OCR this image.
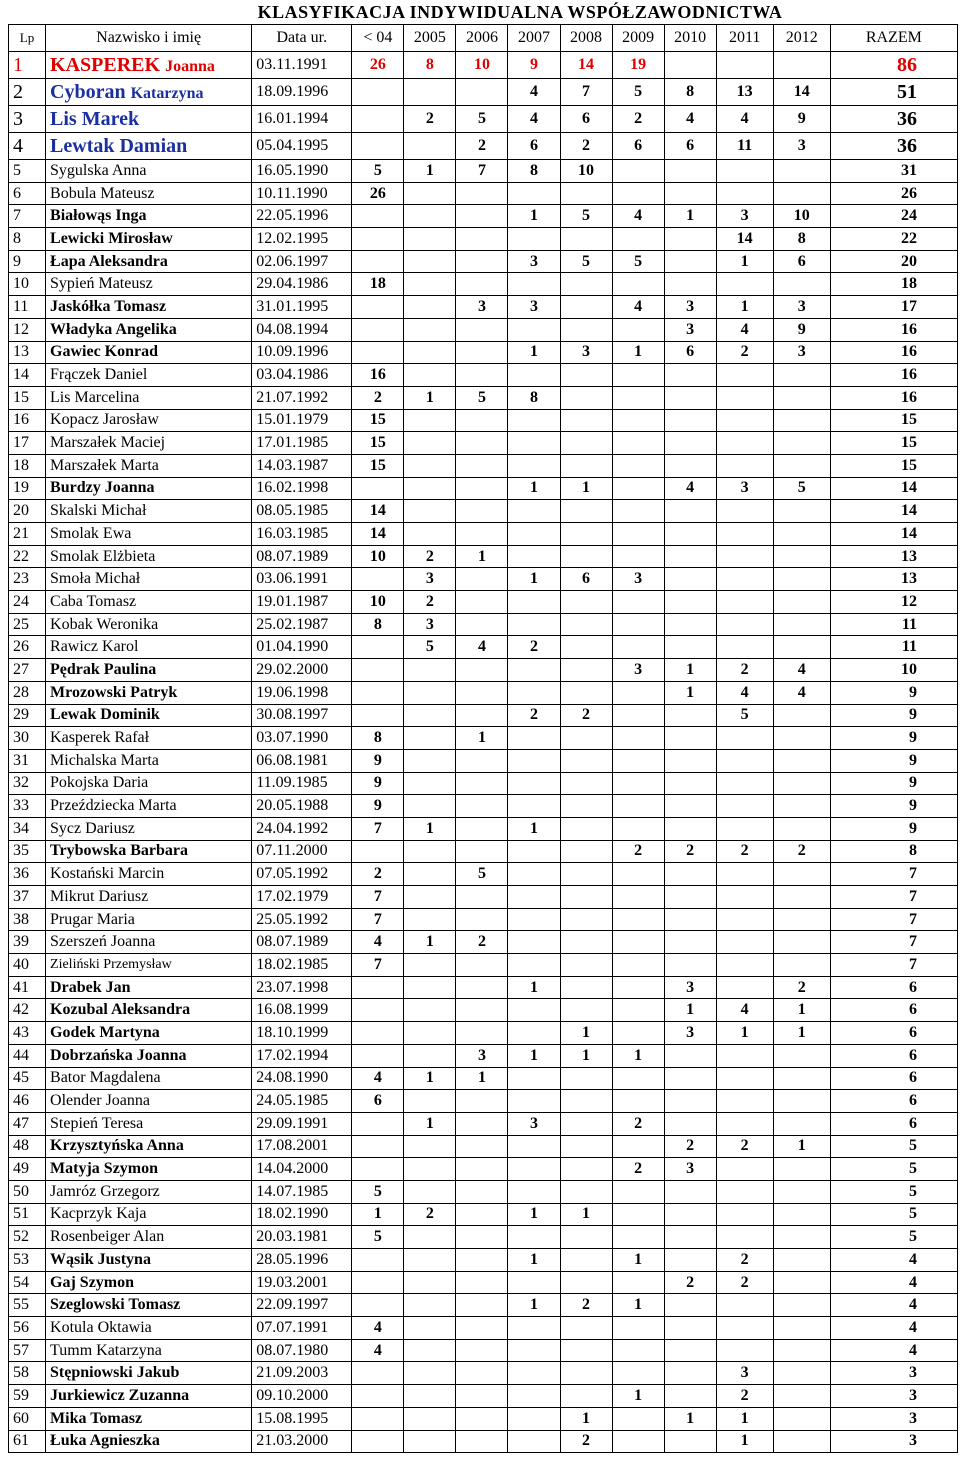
KLASYFIKACJA INDYWIDUALNA WSPÓŁZAWODNICTWA
Lp	Nazwisko i imię	Data ur.	< 04	2005	2006	2007	2008	2009	2010	2011	2012	RAZEM
1	KASPEREK Joanna	03.11.1991	26	8	10	9	14	19				86
2	Cyboran Katarzyna	18.09.1996				4	7	5	8	13	14	51
3	Lis Marek	16.01.1994		2	5	4	6	2	4	4	9	36
4	Lewtak Damian	05.04.1995			2	6	2	6	6	11	3	36
5	Sygulska Anna	16.05.1990	5	1	7	8	10					31
6	Bobula Mateusz	10.11.1990	26									26
7	Białowąs Inga	22.05.1996				1	5	4	1	3	10	24
8	Lewicki Mirosław	12.02.1995								14	8	22
9	Łapa Aleksandra	02.06.1997				3	5	5		1	6	20
10	Sypień Mateusz	29.04.1986	18									18
11	Jaskółka Tomasz	31.01.1995			3	3		4	3	1	3	17
12	Władyka Angelika	04.08.1994							3	4	9	16
13	Gawiec Konrad	10.09.1996				1	3	1	6	2	3	16
14	Frączek Daniel	03.04.1986	16									16
15	Lis Marcelina	21.07.1992	2	1	5	8						16
16	Kopacz Jarosław	15.01.1979	15									15
17	Marszałek Maciej	17.01.1985	15									15
18	Marszałek Marta	14.03.1987	15									15
19	Burdzy Joanna	16.02.1998				1	1		4	3	5	14
20	Skalski Michał	08.05.1985	14									14
21	Smolak Ewa	16.03.1985	14									14
22	Smolak Elżbieta	08.07.1989	10	2	1							13
23	Smoła Michał	03.06.1991		3		1	6	3				13
24	Caba Tomasz	19.01.1987	10	2								12
25	Kobak Weronika	25.02.1987	8	3								11
26	Rawicz Karol	01.04.1990		5	4	2						11
27	Pędrak Paulina	29.02.2000						3	1	2	4	10
28	Mrozowski Patryk	19.06.1998							1	4	4	9
29	Lewak Dominik	30.08.1997				2	2			5		9
30	Kasperek Rafał	03.07.1990	8		1							9
31	Michalska Marta	06.08.1981	9									9
32	Pokojska Daria	11.09.1985	9									9
33	Przeździecka Marta	20.05.1988	9									9
34	Sycz Dariusz	24.04.1992	7	1		1						9
35	Trybowska Barbara	07.11.2000						2	2	2	2	8
36	Kostański Marcin	07.05.1992	2		5							7
37	Mikrut Dariusz	17.02.1979	7									7
38	Prugar Maria	25.05.1992	7									7
39	Szerszeń Joanna	08.07.1989	4	1	2							7
40	Zieliński Przemysław	18.02.1985	7									7
41	Drabek Jan	23.07.1998				1			3		2	6
42	Kozubal Aleksandra	16.08.1999							1	4	1	6
43	Godek Martyna	18.10.1999					1		3	1	1	6
44	Dobrzańska Joanna	17.02.1994			3	1	1	1				6
45	Bator Magdalena	24.08.1990	4	1	1							6
46	Olender Joanna	24.05.1985	6									6
47	Stepień Teresa	29.09.1991		1		3		2				6
48	Krzysztyńska Anna	17.08.2001							2	2	1	5
49	Matyja Szymon	14.04.2000						2	3			5
50	Jamróz Grzegorz	14.07.1985	5									5
51	Kacprzyk Kaja	18.02.1990	1	2		1	1					5
52	Rosenbeiger Alan	20.03.1981	5									5
53	Wąsik Justyna	28.05.1996				1		1		2		4
54	Gaj Szymon	19.03.2001							2	2		4
55	Szeglowski Tomasz	22.09.1997				1	2	1				4
56	Kotula Oktawia	07.07.1991	4									4
57	Tumm Katarzyna	08.07.1980	4									4
58	Stępniowski Jakub	21.09.2003								3		3
59	Jurkiewicz Zuzanna	09.10.2000						1		2		3
60	Mika Tomasz	15.08.1995					1		1	1		3
61	Łuka Agnieszka	21.03.2000					2			1		3
